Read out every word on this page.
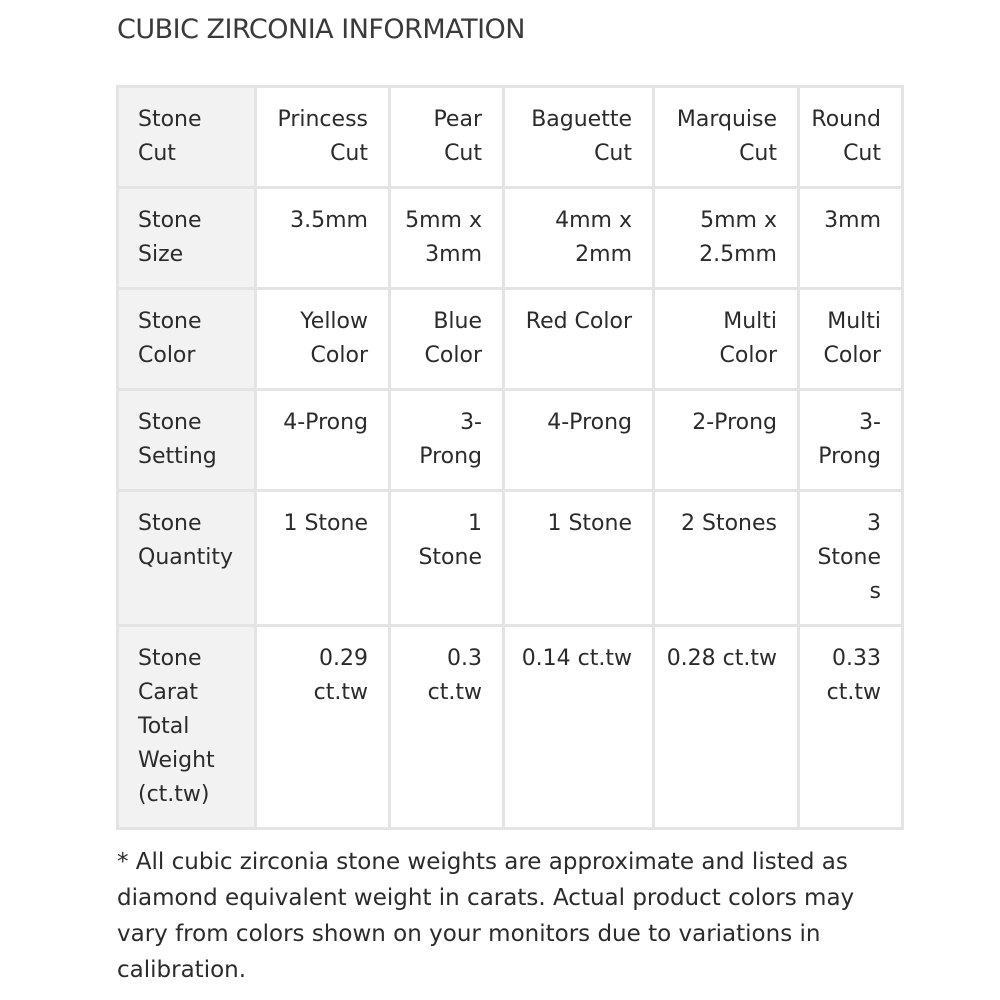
CUBIC ZIRCONIA INFORMATION
Stone Cut	Princess Cut	Pear Cut	Baguette Cut	Marquise Cut	Round Cut
Stone Size	3.5mm	5mm x 3mm	4mm x 2mm	5mm x 2.5mm	3mm
Stone Color	Yellow Color	Blue Color	Red Color	Multi Color	Multi Color
Stone Setting	4-Prong	3-Prong	4-Prong	2-Prong	3-Prong
Stone Quantity	1 Stone	1 Stone	1 Stone	2 Stones	3 Stones
Stone Carat Total Weight (ct.tw)	0.29 ct.tw	0.3 ct.tw	0.14 ct.tw	0.28 ct.tw	0.33 ct.tw

* All cubic zirconia stone weights are approximate and listed as diamond equivalent weight in carats. Actual product colors may vary from colors shown on your monitors due to variations in calibration.
